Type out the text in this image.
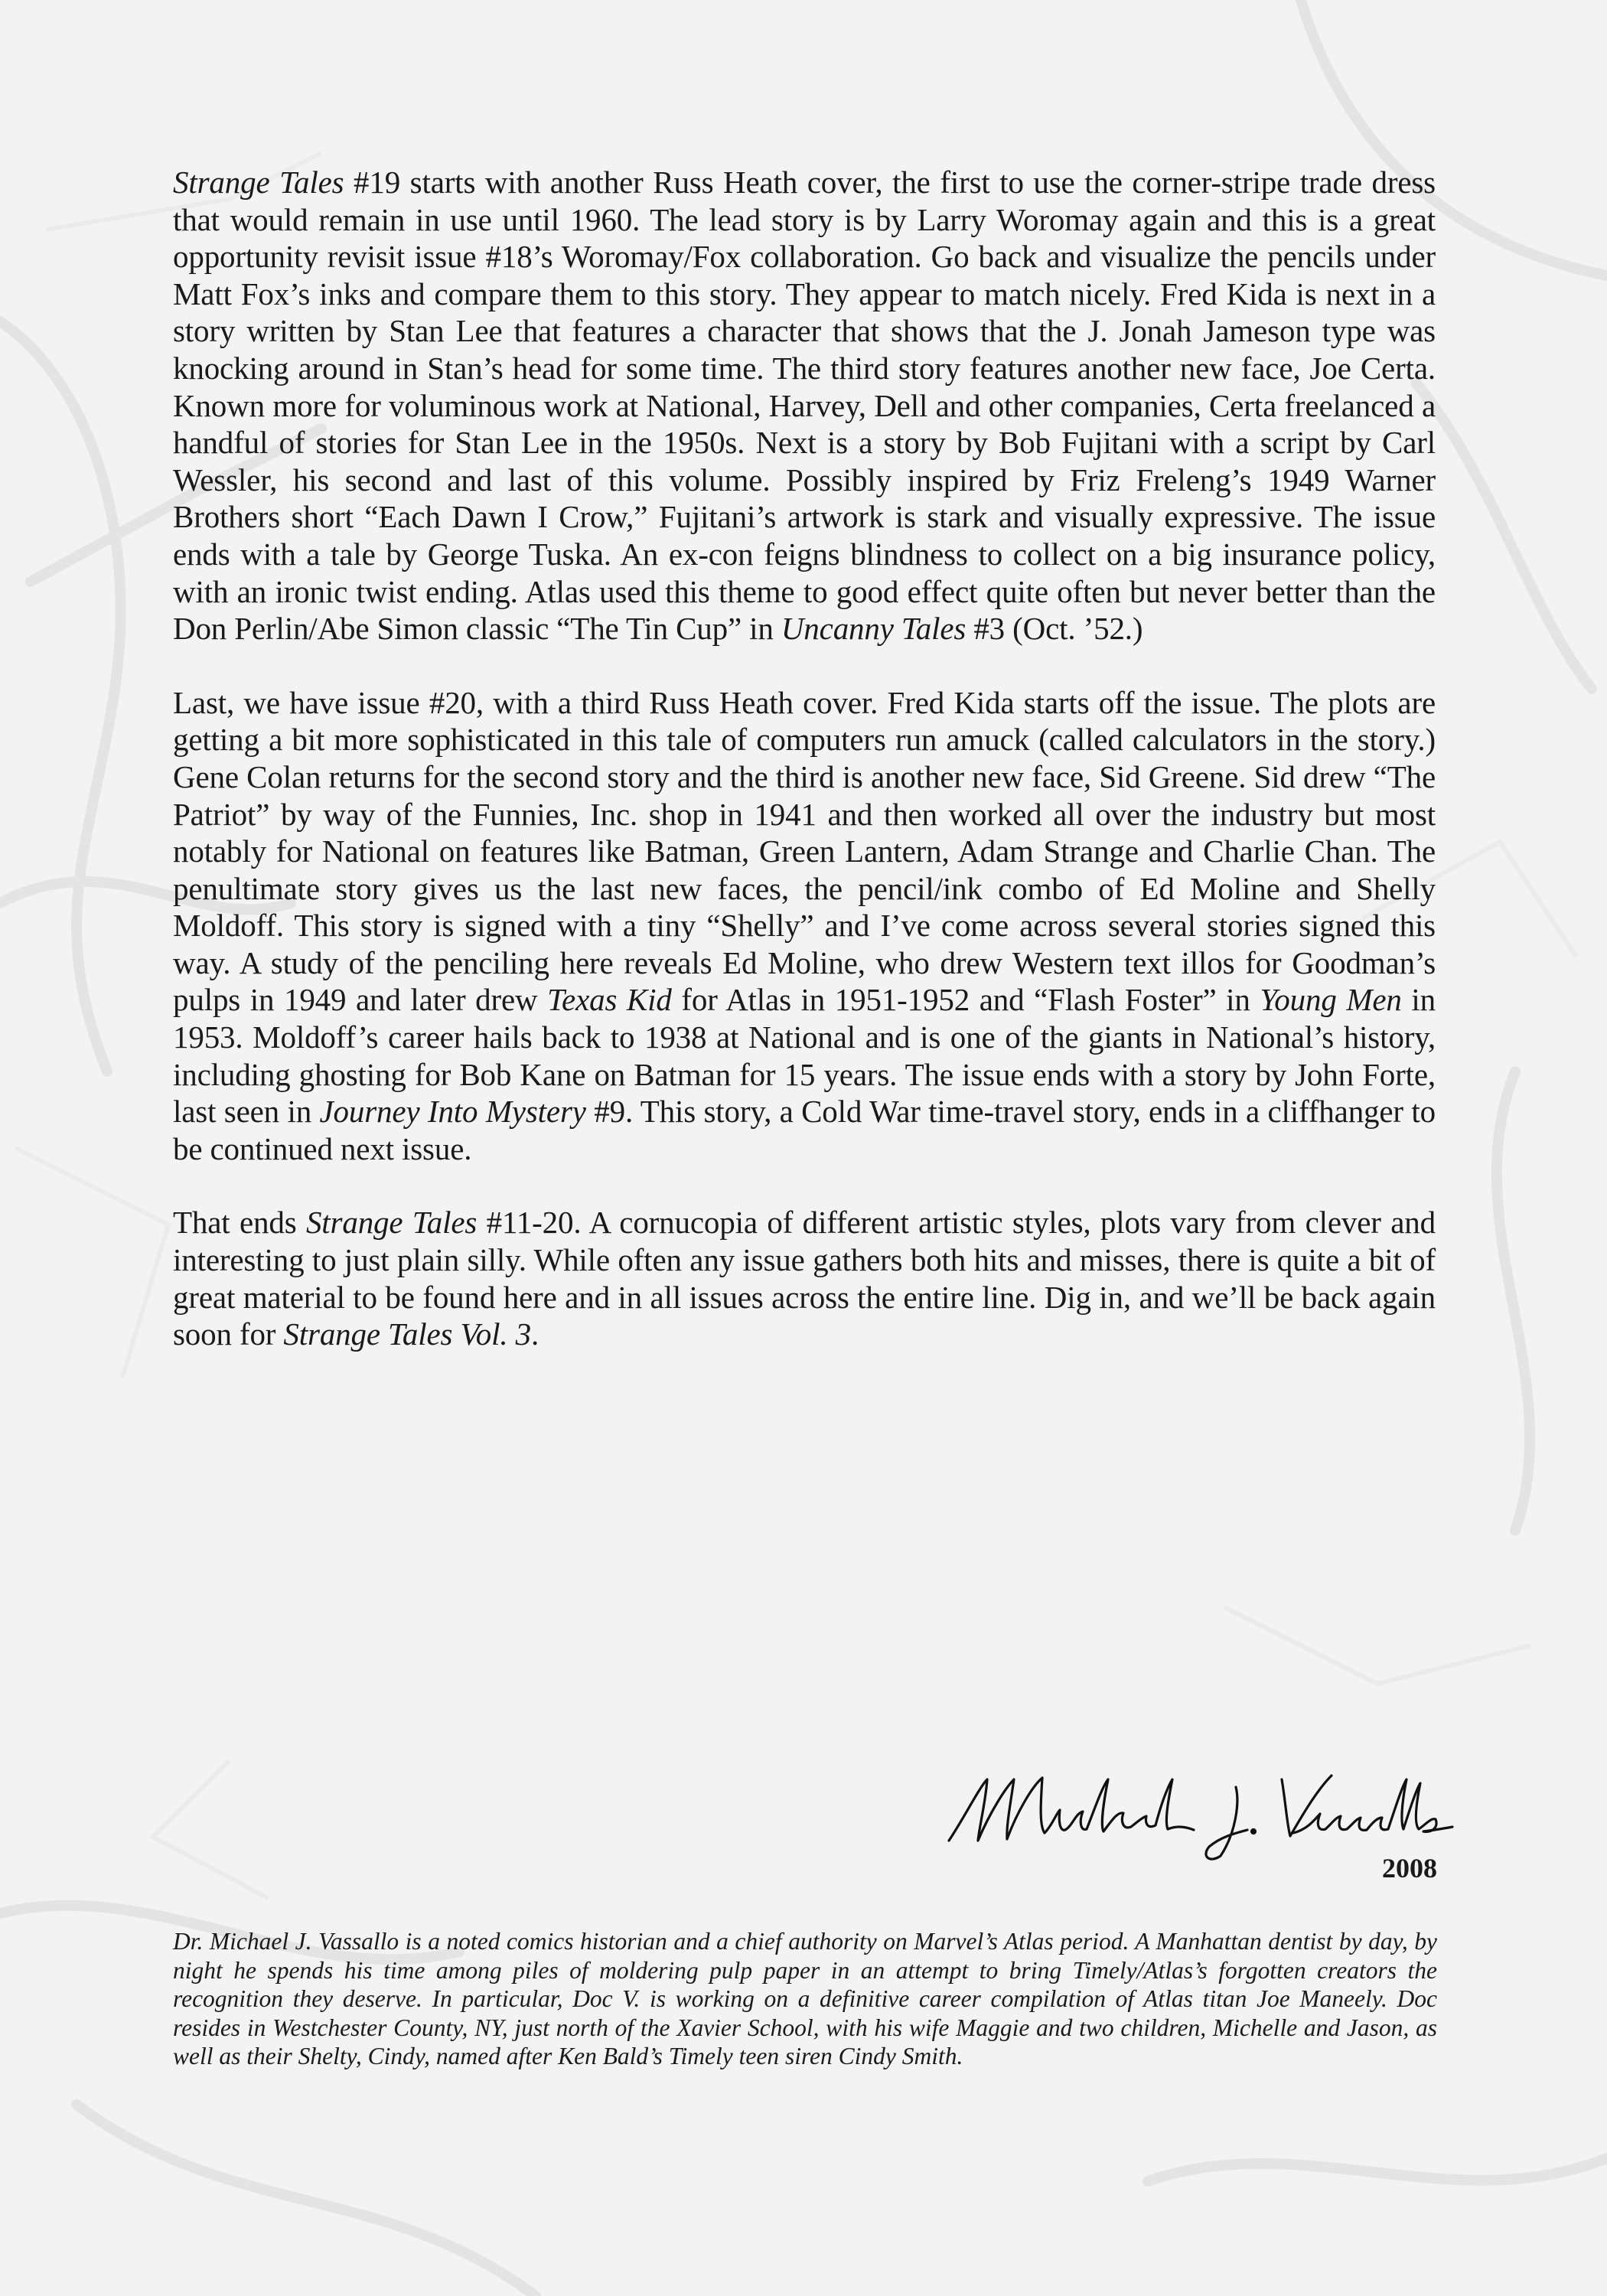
Strange Tales #19 starts with another Russ Heath cover, the first to use the corner-stripe trade dress that would remain in use until 1960. The lead story is by Larry Woromay again and this is a great opportunity revisit issue #18’s Woromay/Fox collaboration. Go back and visualize the pencils under Matt Fox’s inks and compare them to this story. They appear to match nicely. Fred Kida is next in a story written by Stan Lee that features a character that shows that the J. Jonah Jameson type was knocking around in Stan’s head for some time. The third story features another new face, Joe Certa. Known more for voluminous work at National, Harvey, Dell and other companies, Certa freelanced a handful of stories for Stan Lee in the 1950s. Next is a story by Bob Fujitani with a script by Carl Wessler, his second and last of this volume. Possibly inspired by Friz Freleng’s 1949 Warner Brothers short “Each Dawn I Crow,” Fujitani’s artwork is stark and visually expressive. The issue ends with a tale by George Tuska. An ex-con feigns blindness to collect on a big insurance policy, with an ironic twist ending. Atlas used this theme to good effect quite often but never better than the Don Perlin/Abe Simon classic “The Tin Cup” in Uncanny Tales #3 (Oct. ’52.)

Last, we have issue #20, with a third Russ Heath cover. Fred Kida starts off the issue. The plots are getting a bit more sophisticated in this tale of computers run amuck (called calculators in the story.) Gene Colan returns for the second story and the third is another new face, Sid Greene. Sid drew “The Patriot” by way of the Funnies, Inc. shop in 1941 and then worked all over the industry but most notably for National on features like Batman, Green Lantern, Adam Strange and Charlie Chan. The penultimate story gives us the last new faces, the pencil/ink combo of Ed Moline and Shelly Moldoff. This story is signed with a tiny “Shelly” and I’ve come across several stories signed this way. A study of the penciling here reveals Ed Moline, who drew Western text illos for Goodman’s pulps in 1949 and later drew Texas Kid for Atlas in 1951-1952 and “Flash Foster” in Young Men in 1953. Moldoff’s career hails back to 1938 at National and is one of the giants in National’s history, including ghosting for Bob Kane on Batman for 15 years. The issue ends with a story by John Forte, last seen in Journey Into Mystery #9. This story, a Cold War time-travel story, ends in a cliffhanger to be continued next issue.

That ends Strange Tales #11-20. A cornucopia of different artistic styles, plots vary from clever and interesting to just plain silly. While often any issue gathers both hits and misses, there is quite a bit of great material to be found here and in all issues across the entire line. Dig in, and we’ll be back again soon for Strange Tales Vol. 3.

2008

Dr. Michael J. Vassallo is a noted comics historian and a chief authority on Marvel’s Atlas period. A Manhattan dentist by day, by night he spends his time among piles of moldering pulp paper in an attempt to bring Timely/Atlas’s forgotten creators the recognition they deserve. In particular, Doc V. is working on a definitive career compilation of Atlas titan Joe Maneely. Doc resides in Westchester County, NY, just north of the Xavier School, with his wife Maggie and two children, Michelle and Jason, as well as their Shelty, Cindy, named after Ken Bald’s Timely teen siren Cindy Smith.
